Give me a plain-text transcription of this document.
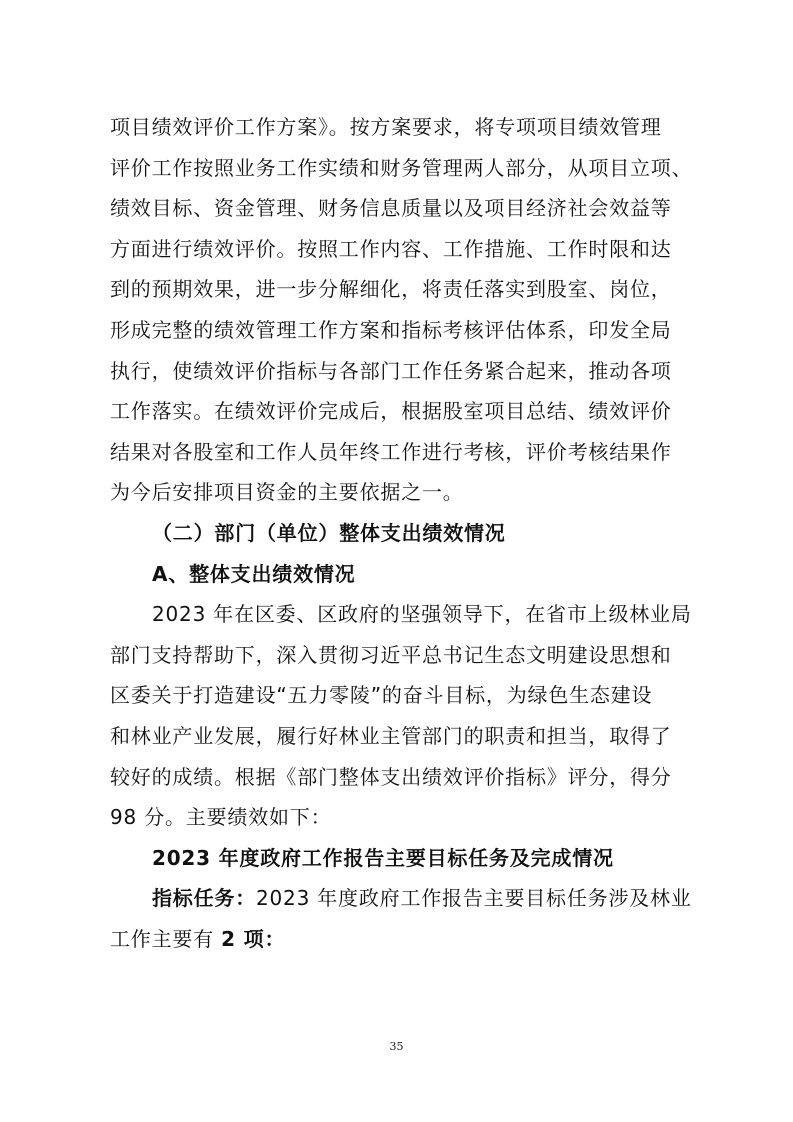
项目绩效评价工作方案》。按方案要求，将专项项目绩效管理
评价工作按照业务工作实绩和财务管理两人部分，从项目立项、
绩效目标、资金管理、财务信息质量以及项目经济社会效益等
方面进行绩效评价。按照工作内容、工作措施、工作时限和达
到的预期效果，进一步分解细化，将责任落实到股室、岗位，
形成完整的绩效管理工作方案和指标考核评估体系，印发全局
执行，使绩效评价指标与各部门工作任务紧合起来，推动各项
工作落实。在绩效评价完成后，根据股室项目总结、绩效评价
结果对各股室和工作人员年终工作进行考核，评价考核结果作
为今后安排项目资金的主要依据之一。
（二）部门（单位）整体支出绩效情况
A、整体支出绩效情况
2023 年在区委、区政府的坚强领导下，在省市上级林业局
部门支持帮助下，深入贯彻习近平总书记生态文明建设思想和
区委关于打造建设“五力零陵”的奋斗目标，为绿色生态建设
和林业产业发展，履行好林业主管部门的职责和担当，取得了
较好的成绩。根据《部门整体支出绩效评价指标》评分，得分
98 分。主要绩效如下：
2023 年度政府工作报告主要目标任务及完成情况
指标任务：2023 年度政府工作报告主要目标任务涉及林业
工作主要有 2 项：
35
